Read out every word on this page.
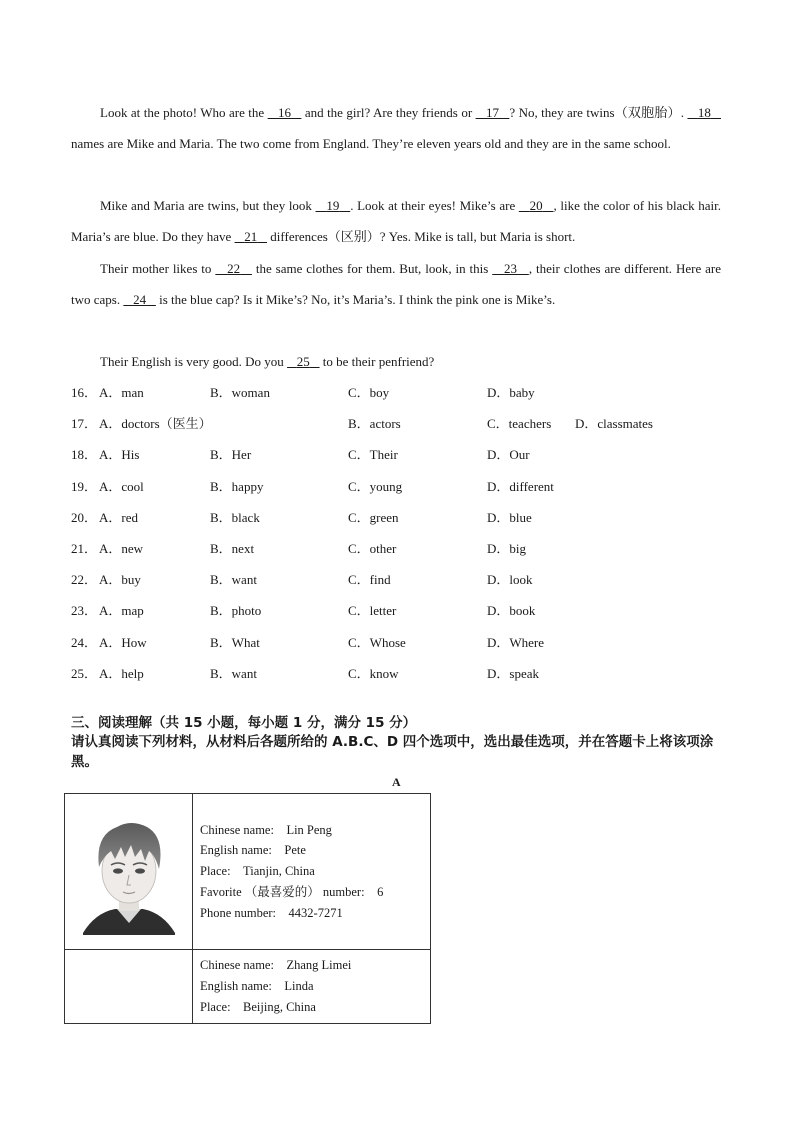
Look at the photo! Who are the    16    and the girl? Are they friends or    17 ? No, they are twins（双胞胎）.    18    names are Mike and Maria. The two come from England. They’re eleven years old and they are in the same school.
Mike and Maria are twins, but they look    19 . Look at their eyes! Mike’s are    20 , like the color of his black hair. Maria’s are blue. Do they have    21    differences（区别）? Yes. Mike is tall, but Maria is short.
Their mother likes to    22    the same clothes for them. But, look, in this    23 , their clothes are different. Here are two caps.    24    is the blue cap? Is it Mike’s? No, it’s Maria’s. I think the pink one is Mike’s.
Their English is very good. Do you    25    to be their penfriend?
16． A．man	B．woman	C．boy	D．baby
17． A．doctors（医生）	B．actors	C．teachers D．classmates
18． A．His	B．Her	C．Their	D．Our
19． A．cool	B．happy	C．young	D．different
20． A．red	B．black	C．green	D．blue
21． A．new	B．next	C．other	D．big
22． A．buy	B．want	C．find	D．look
23． A．map	B．photo	C．letter	D．book
24． A．How	B．What	C．Whose	D．Where
25． A．help	B．want	C．know	D．speak
三、阅读理解（共 15 小题，每小题 1 分，满分 15 分）
请认真阅读下列材料，从材料后各题所给的 A.B.C、D 四个选项中，选出最佳选项，并在答题卡上将该项涂黑。
A

Chinese name:　Lin Peng
English name:　Pete
Place:　Tianjin, China
Favorite （最喜爱的） number:　6
Phone number:　4432-7271

	Chinese name:　Zhang Limei
English name:　Linda
Place:　Beijing, China
